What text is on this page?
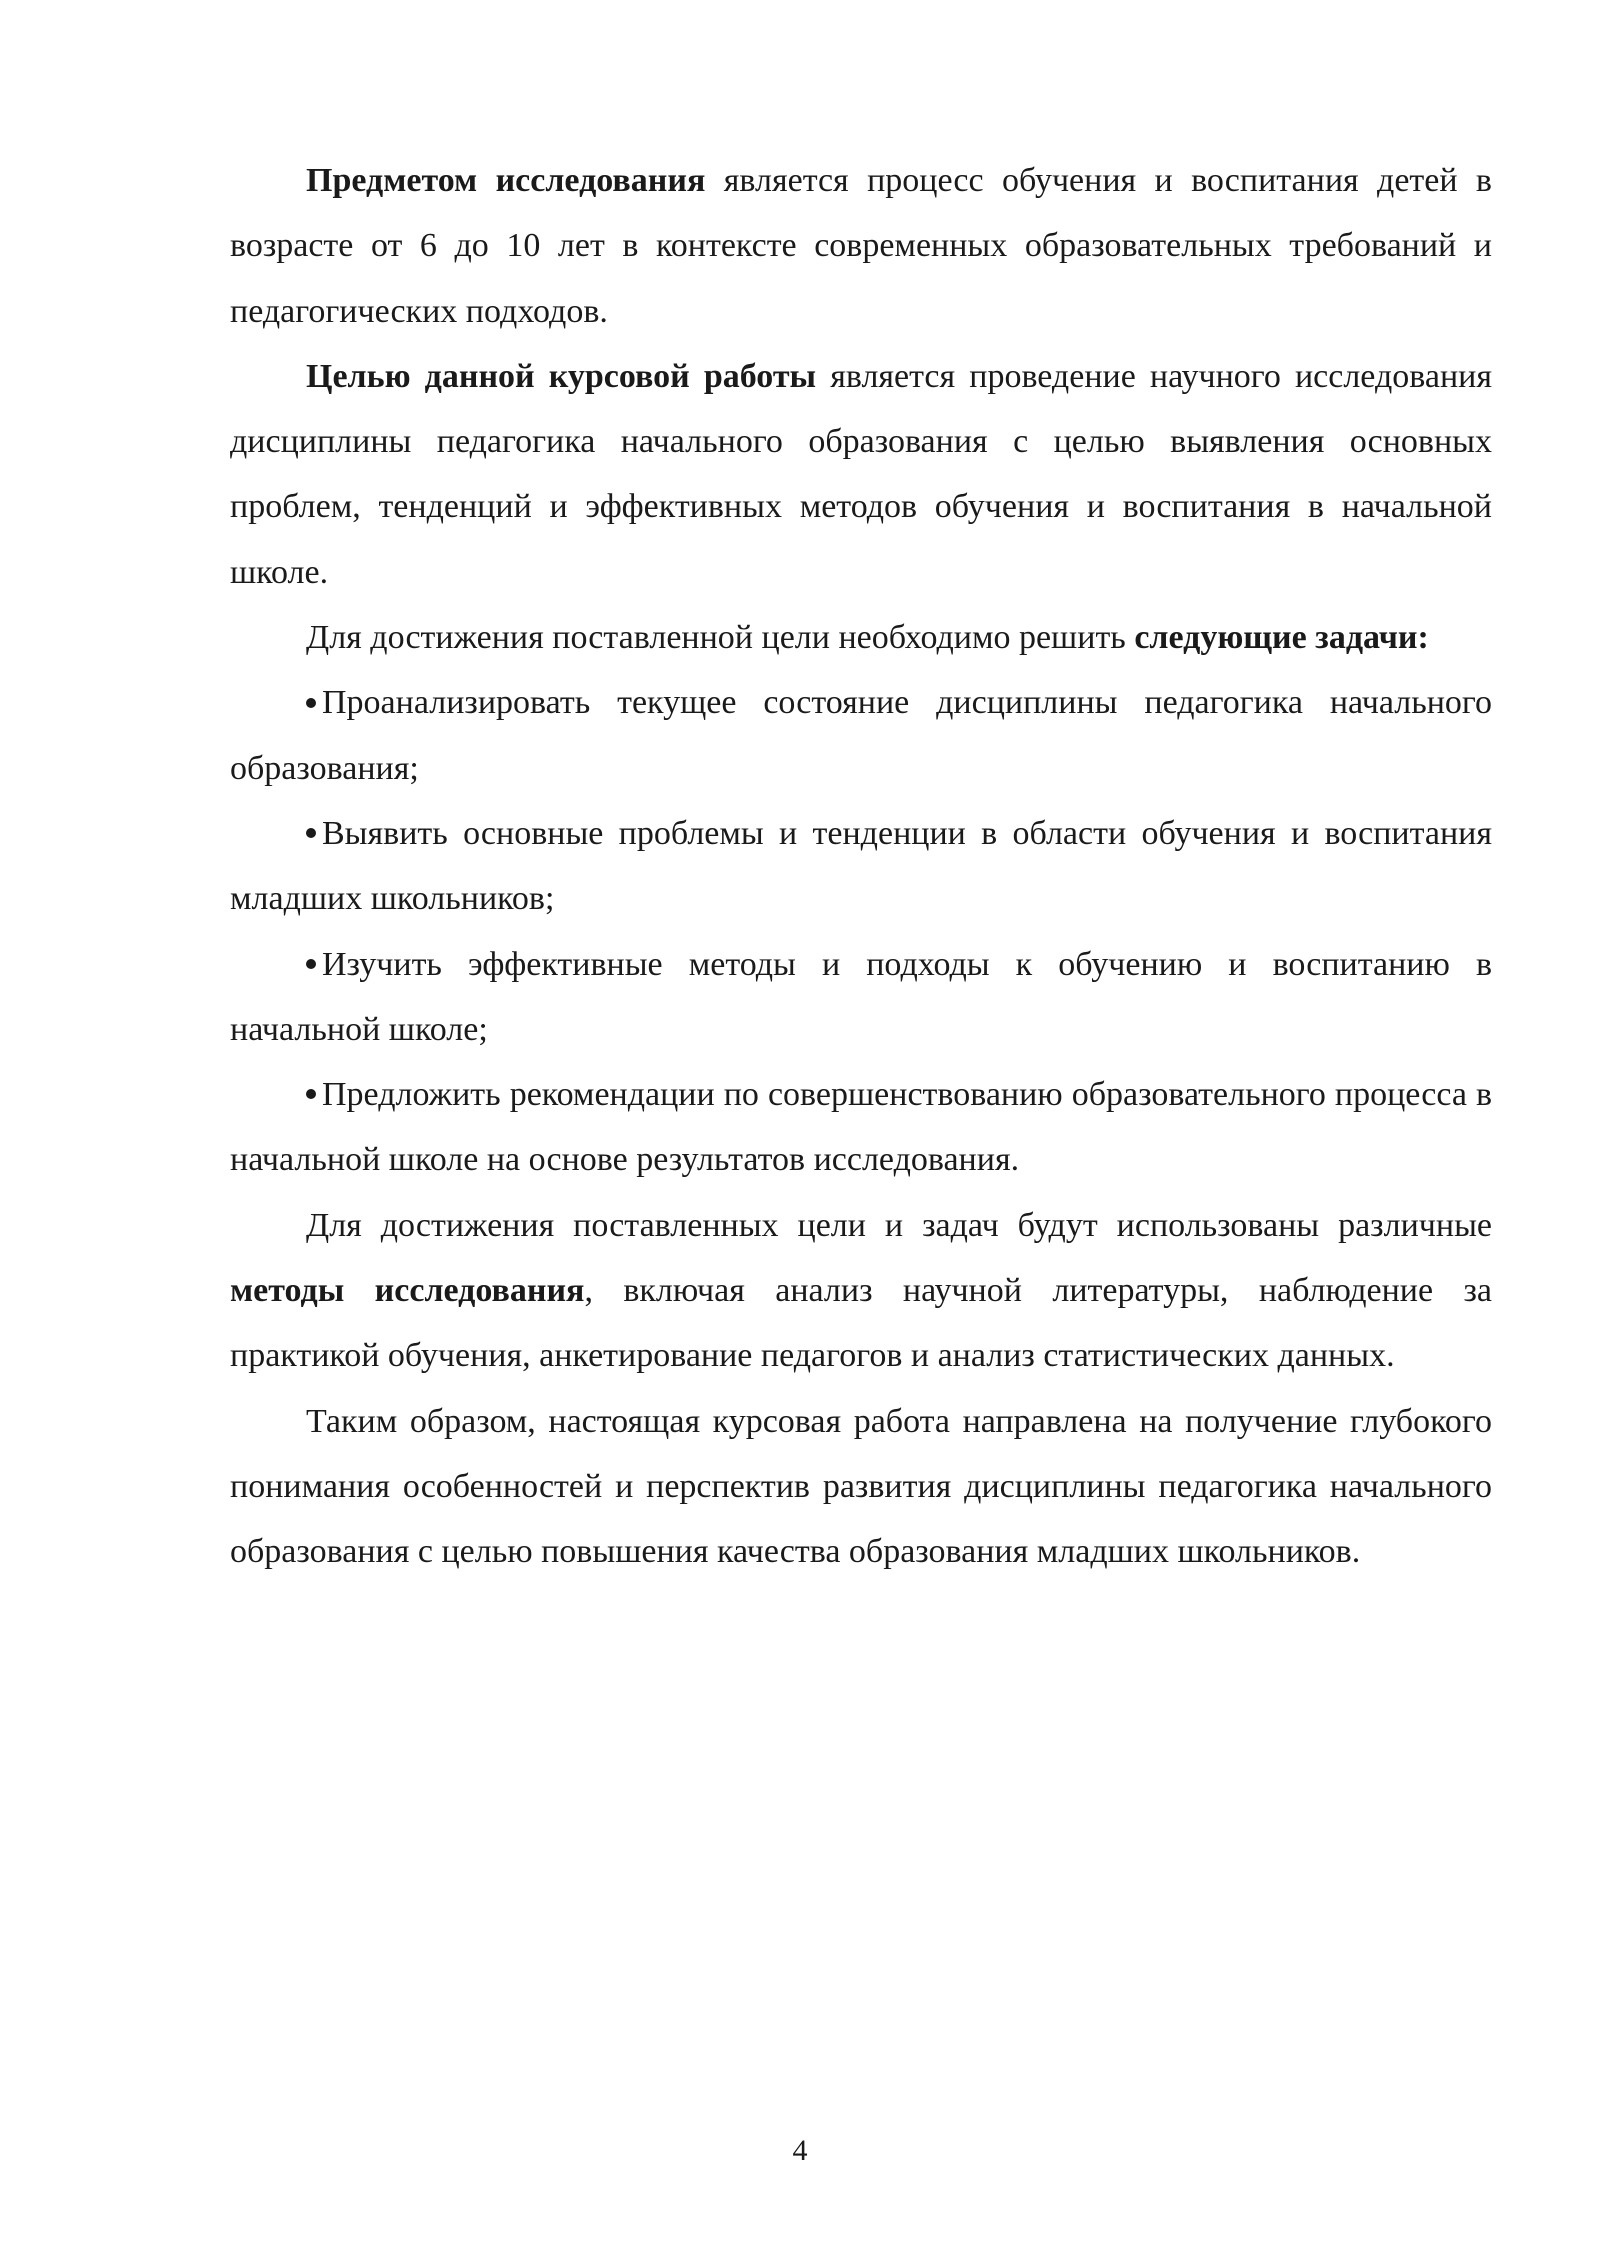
Предметом исследования является процесс обучения и воспитания детей в возрасте от 6 до 10 лет в контексте современных образовательных требований и педагогических подходов.

Целью данной курсовой работы является проведение научного исследования дисциплины педагогика начального образования с целью выявления основных проблем, тенденций и эффективных методов обучения и воспитания в начальной школе.

Для достижения поставленной цели необходимо решить следующие задачи:

Проанализировать текущее состояние дисциплины педагогика начального образования;

Выявить основные проблемы и тенденции в области обучения и воспитания младших школьников;

Изучить эффективные методы и подходы к обучению и воспитанию в начальной школе;

Предложить рекомендации по совершенствованию образовательного процесса в начальной школе на основе результатов исследования.

Для достижения поставленных цели и задач будут использованы различные методы исследования, включая анализ научной литературы, наблюдение за практикой обучения, анкетирование педагогов и анализ статистических данных.

Таким образом, настоящая курсовая работа направлена на получение глубокого понимания особенностей и перспектив развития дисциплины педагогика начального образования с целью повышения качества образования младших школьников.

4
